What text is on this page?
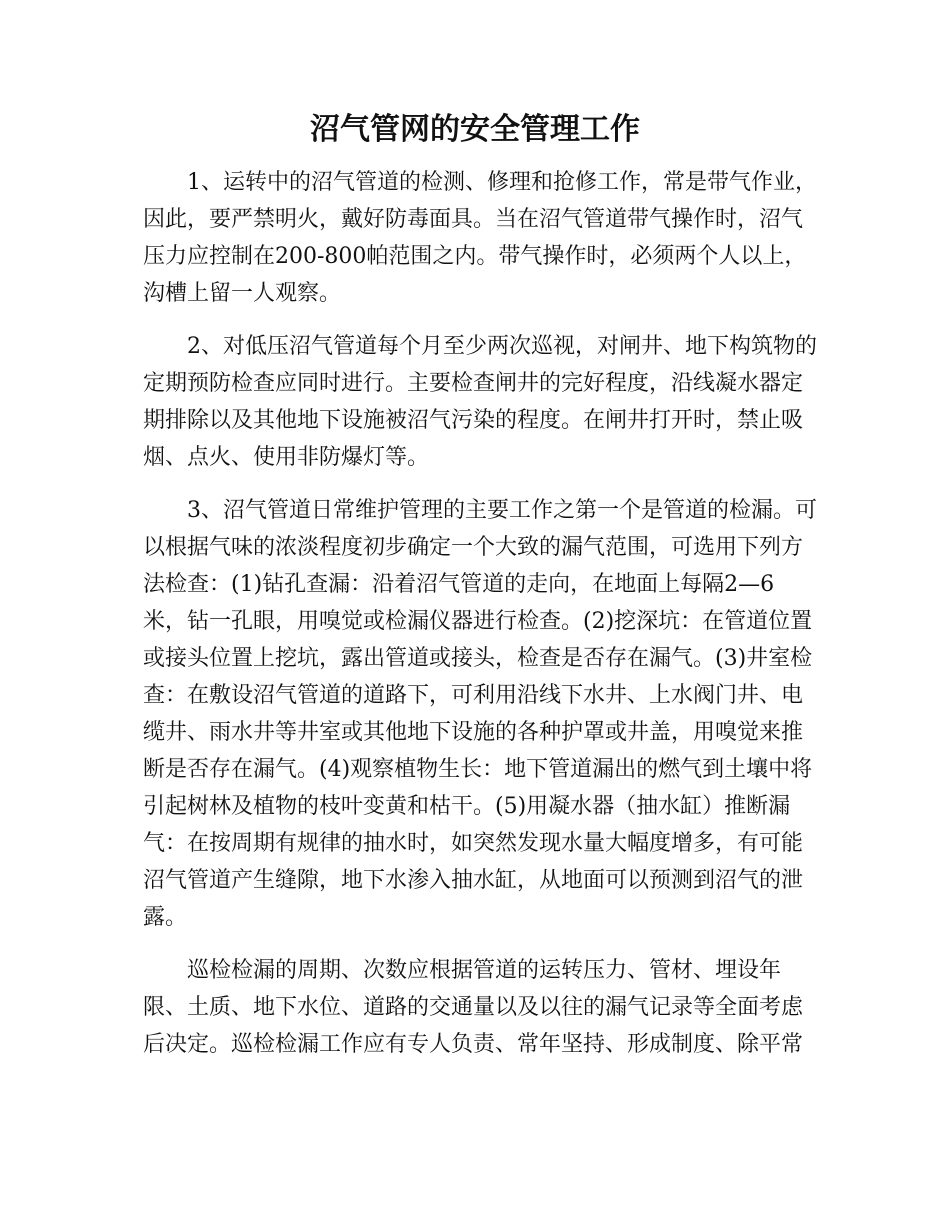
沼气管网的安全管理工作
1、运转中的沼气管道的检测、修理和抢修工作，常是带气作业，
因此，要严禁明火，戴好防毒面具。当在沼气管道带气操作时，沼气
压力应控制在200-800帕范围之内。带气操作时，必须两个人以上，
沟槽上留一人观察。
2、对低压沼气管道每个月至少两次巡视，对闸井、地下构筑物的
定期预防检查应同时进行。主要检查闸井的完好程度，沿线凝水器定
期排除以及其他地下设施被沼气污染的程度。在闸井打开时，禁止吸
烟、点火、使用非防爆灯等。
3、沼气管道日常维护管理的主要工作之第一个是管道的检漏。可
以根据气味的浓淡程度初步确定一个大致的漏气范围，可选用下列方
法检查：(1)钻孔查漏：沿着沼气管道的走向，在地面上每隔2—6
米，钻一孔眼，用嗅觉或检漏仪器进行检查。(2)挖深坑：在管道位置
或接头位置上挖坑，露出管道或接头，检查是否存在漏气。(3)井室检
查：在敷设沼气管道的道路下，可利用沿线下水井、上水阀门井、电
缆井、雨水井等井室或其他地下设施的各种护罩或井盖，用嗅觉来推
断是否存在漏气。(4)观察植物生长：地下管道漏出的燃气到土壤中将
引起树林及植物的枝叶变黄和枯干。(5)用凝水器（抽水缸）推断漏
气：在按周期有规律的抽水时，如突然发现水量大幅度增多，有可能
沼气管道产生缝隙，地下水渗入抽水缸，从地面可以预测到沼气的泄
露。
巡检检漏的周期、次数应根据管道的运转压力、管材、埋设年
限、土质、地下水位、道路的交通量以及以往的漏气记录等全面考虑
后决定。巡检检漏工作应有专人负责、常年坚持、形成制度、除平常
